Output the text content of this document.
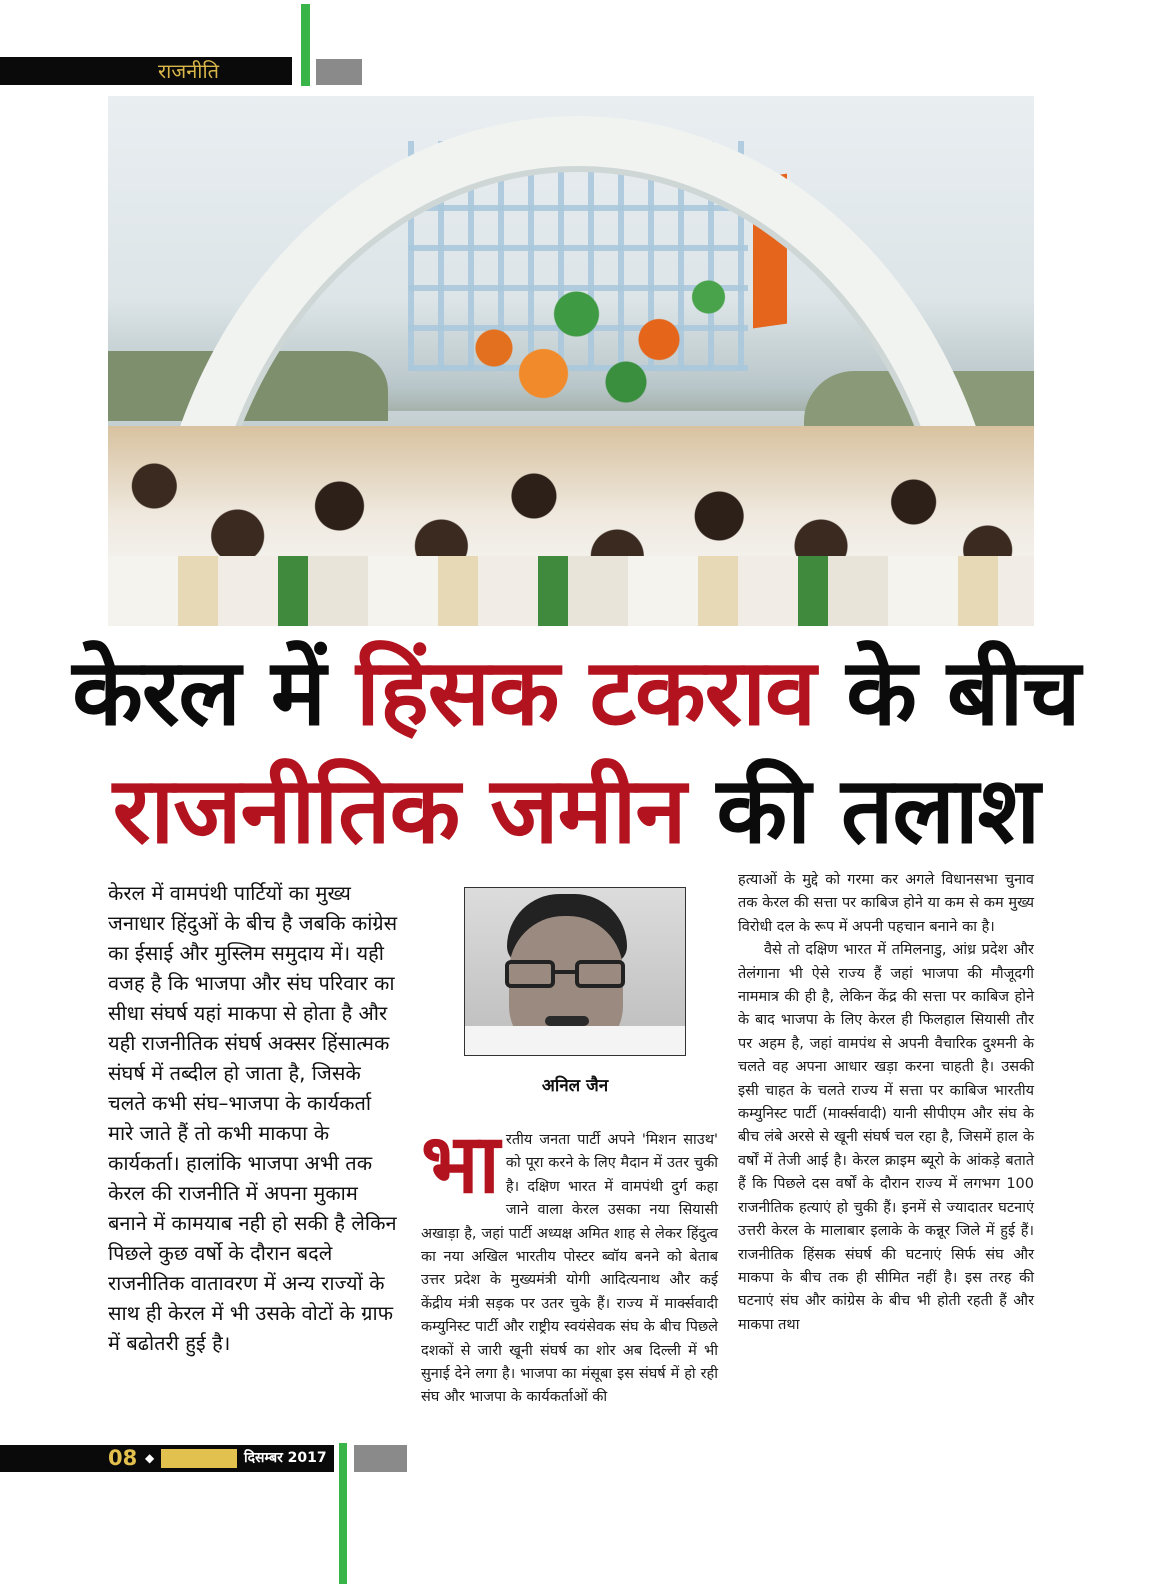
राजनीति
केरल में हिंसक टकराव के बीच
राजनीतिक जमीन की तलाश
केरल में वामपंथी पार्टियों का मुख्य जनाधार हिंदुओं के बीच है जबकि कांग्रेस का ईसाई और मुस्लिम समुदाय में। यही वजह है कि भाजपा और संघ परिवार का सीधा संघर्ष यहां माकपा से होता है और यही राजनीतिक संघर्ष अक्सर हिंसात्मक संघर्ष में तब्दील हो जाता है, जिसके चलते कभी संघ–भाजपा के कार्यकर्ता मारे जाते हैं तो कभी माकपा के कार्यकर्ता। हालांकि भाजपा अभी तक केरल की राजनीति में अपना मुकाम बनाने में कामयाब नही हो सकी है लेकिन पिछले कुछ वर्षो के दौरान बदले राजनीतिक वातावरण में अन्य राज्यों के साथ ही केरल में भी उसके वोटों के ग्राफ में बढोतरी हुई है।
अनिल जैन
भा रतीय जनता पार्टी अपने 'मिशन साउथ' को पूरा करने के लिए मैदान में उतर चुकी है। दक्षिण भारत में वामपंथी दुर्ग कहा जाने वाला केरल उसका नया सियासी अखाड़ा है, जहां पार्टी अध्यक्ष अमित शाह से लेकर हिंदुत्व का नया अखिल भारतीय पोस्टर ब्वॉय बनने को बेताब उत्तर प्रदेश के मुख्यमंत्री योगी आदित्यनाथ और कई केंद्रीय मंत्री सड़क पर उतर चुके हैं। राज्य में मार्क्सवादी कम्युनिस्ट पार्टी और राष्ट्रीय स्वयंसेवक संघ के बीच पिछले दशकों से जारी खूनी संघर्ष का शोर अब दिल्ली में भी सुनाई देने लगा है। भाजपा का मंसूबा इस संघर्ष में हो रही संघ और भाजपा के कार्यकर्ताओं की

हत्याओं के मुद्दे को गरमा कर अगले विधानसभा चुनाव तक केरल की सत्ता पर काबिज होने या कम से कम मुख्य विरोधी दल के रूप में अपनी पहचान बनाने का है।

वैसे तो दक्षिण भारत में तमिलनाडु, आंध्र प्रदेश और तेलंगाना भी ऐसे राज्य हैं जहां भाजपा की मौजूदगी नाममात्र की ही है, लेकिन केंद्र की सत्ता पर काबिज होने के बाद भाजपा के लिए केरल ही फिलहाल सियासी तौर पर अहम है, जहां वामपंथ से अपनी वैचारिक दुश्मनी के चलते वह अपना आधार खड़ा करना चाहती है। उसकी इसी चाहत के चलते राज्य में सत्ता पर काबिज भारतीय कम्युनिस्ट पार्टी (मार्क्सवादी) यानी सीपीएम और संघ के बीच लंबे अरसे से खूनी संघर्ष चल रहा है, जिसमें हाल के वर्षों में तेजी आई है। केरल क्राइम ब्यूरो के आंकड़े बताते हैं कि पिछले दस वर्षों के दौरान राज्य में लगभग 100 राजनीतिक हत्याएं हो चुकी हैं। इनमें से ज्यादातर घटनाएं उत्तरी केरल के मालाबार इलाके के कन्नूर जिले में हुई हैं। राजनीतिक हिंसक संघर्ष की घटनाएं सिर्फ संघ और माकपा के बीच तक ही सीमित नहीं है। इस तरह की घटनाएं संघ और कांग्रेस के बीच भी होती रहती हैं और माकपा तथा

08 ◆	दिसम्बर 2017
